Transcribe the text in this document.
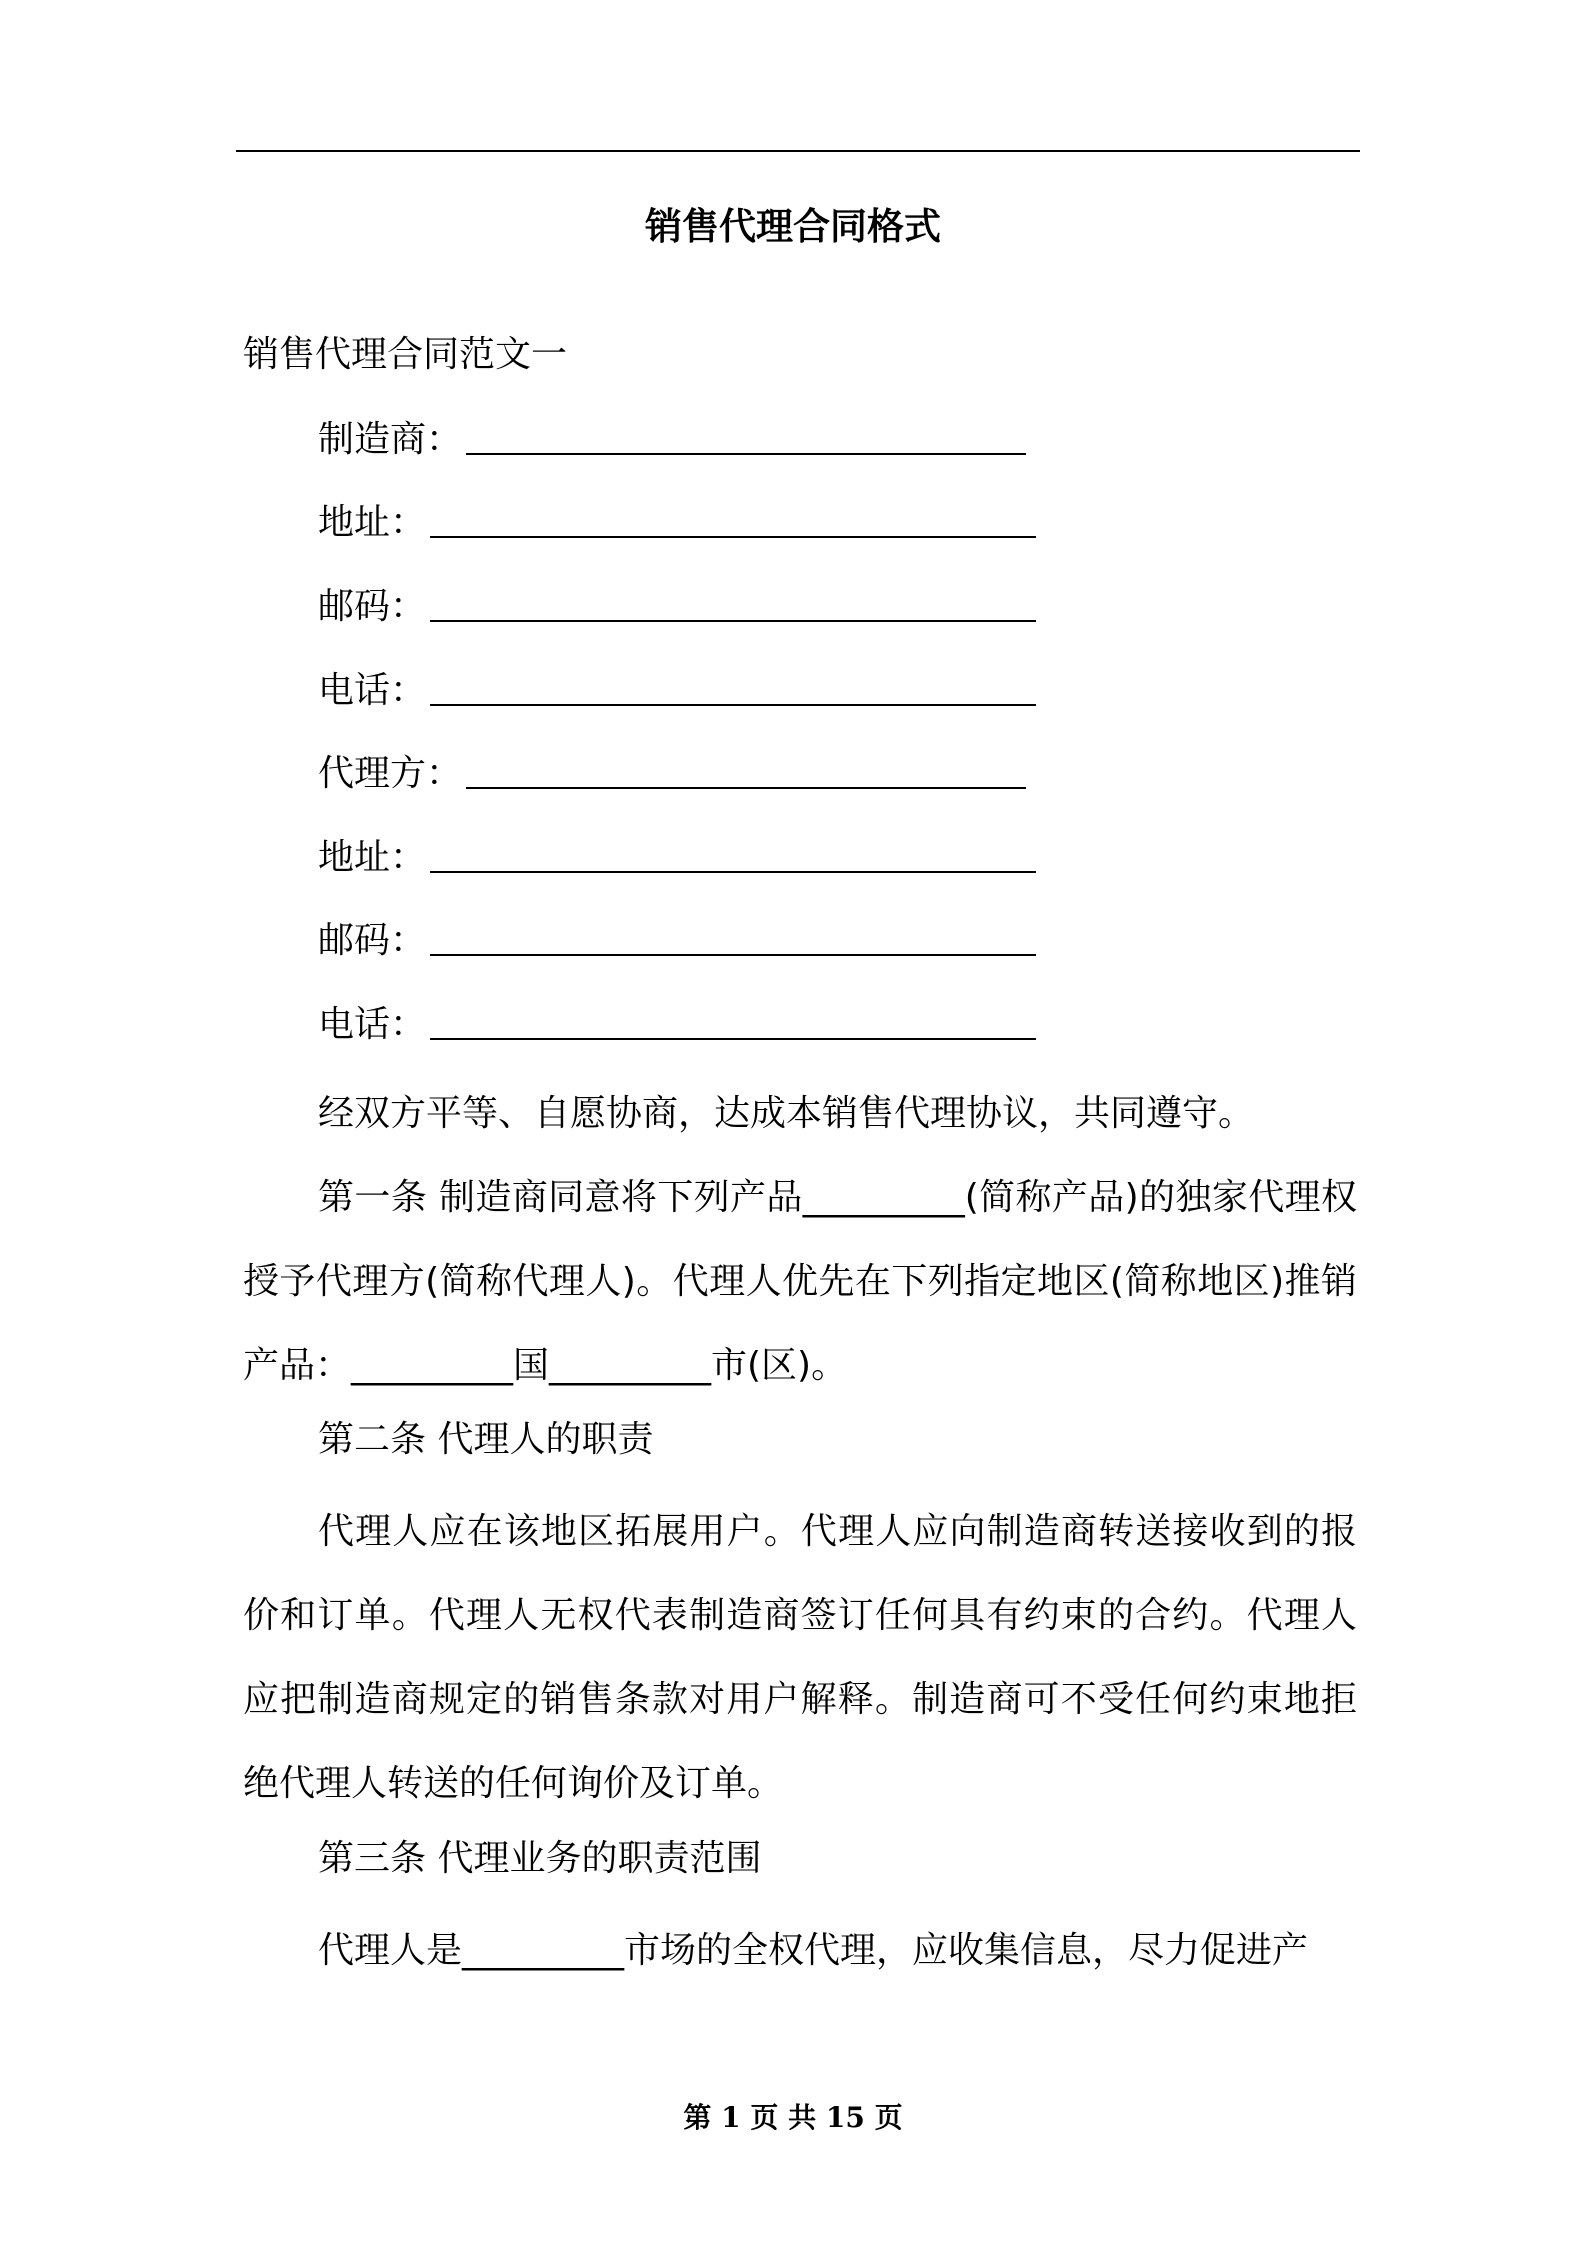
销售代理合同格式
销售代理合同范文一
制造商：
地址：
邮码：
电话：
代理方：
地址：
邮码：
电话：

经双方平等、自愿协商，达成本销售代理协议，共同遵守。

第一条 制造商同意将下列产品_________(简称产品)的独家代理权授予代理方(简称代理人)。代理人优先在下列指定地区(简称地区)推销产品：_________国_________市(区)。

第二条 代理人的职责

代理人应在该地区拓展用户。代理人应向制造商转送接收到的报价和订单。代理人无权代表制造商签订任何具有约束的合约。代理人应把制造商规定的销售条款对用户解释。制造商可不受任何约束地拒绝代理人转送的任何询价及订单。

第三条 代理业务的职责范围

代理人是_________市场的全权代理，应收集信息，尽力促进产

第 1 页 共 15 页
